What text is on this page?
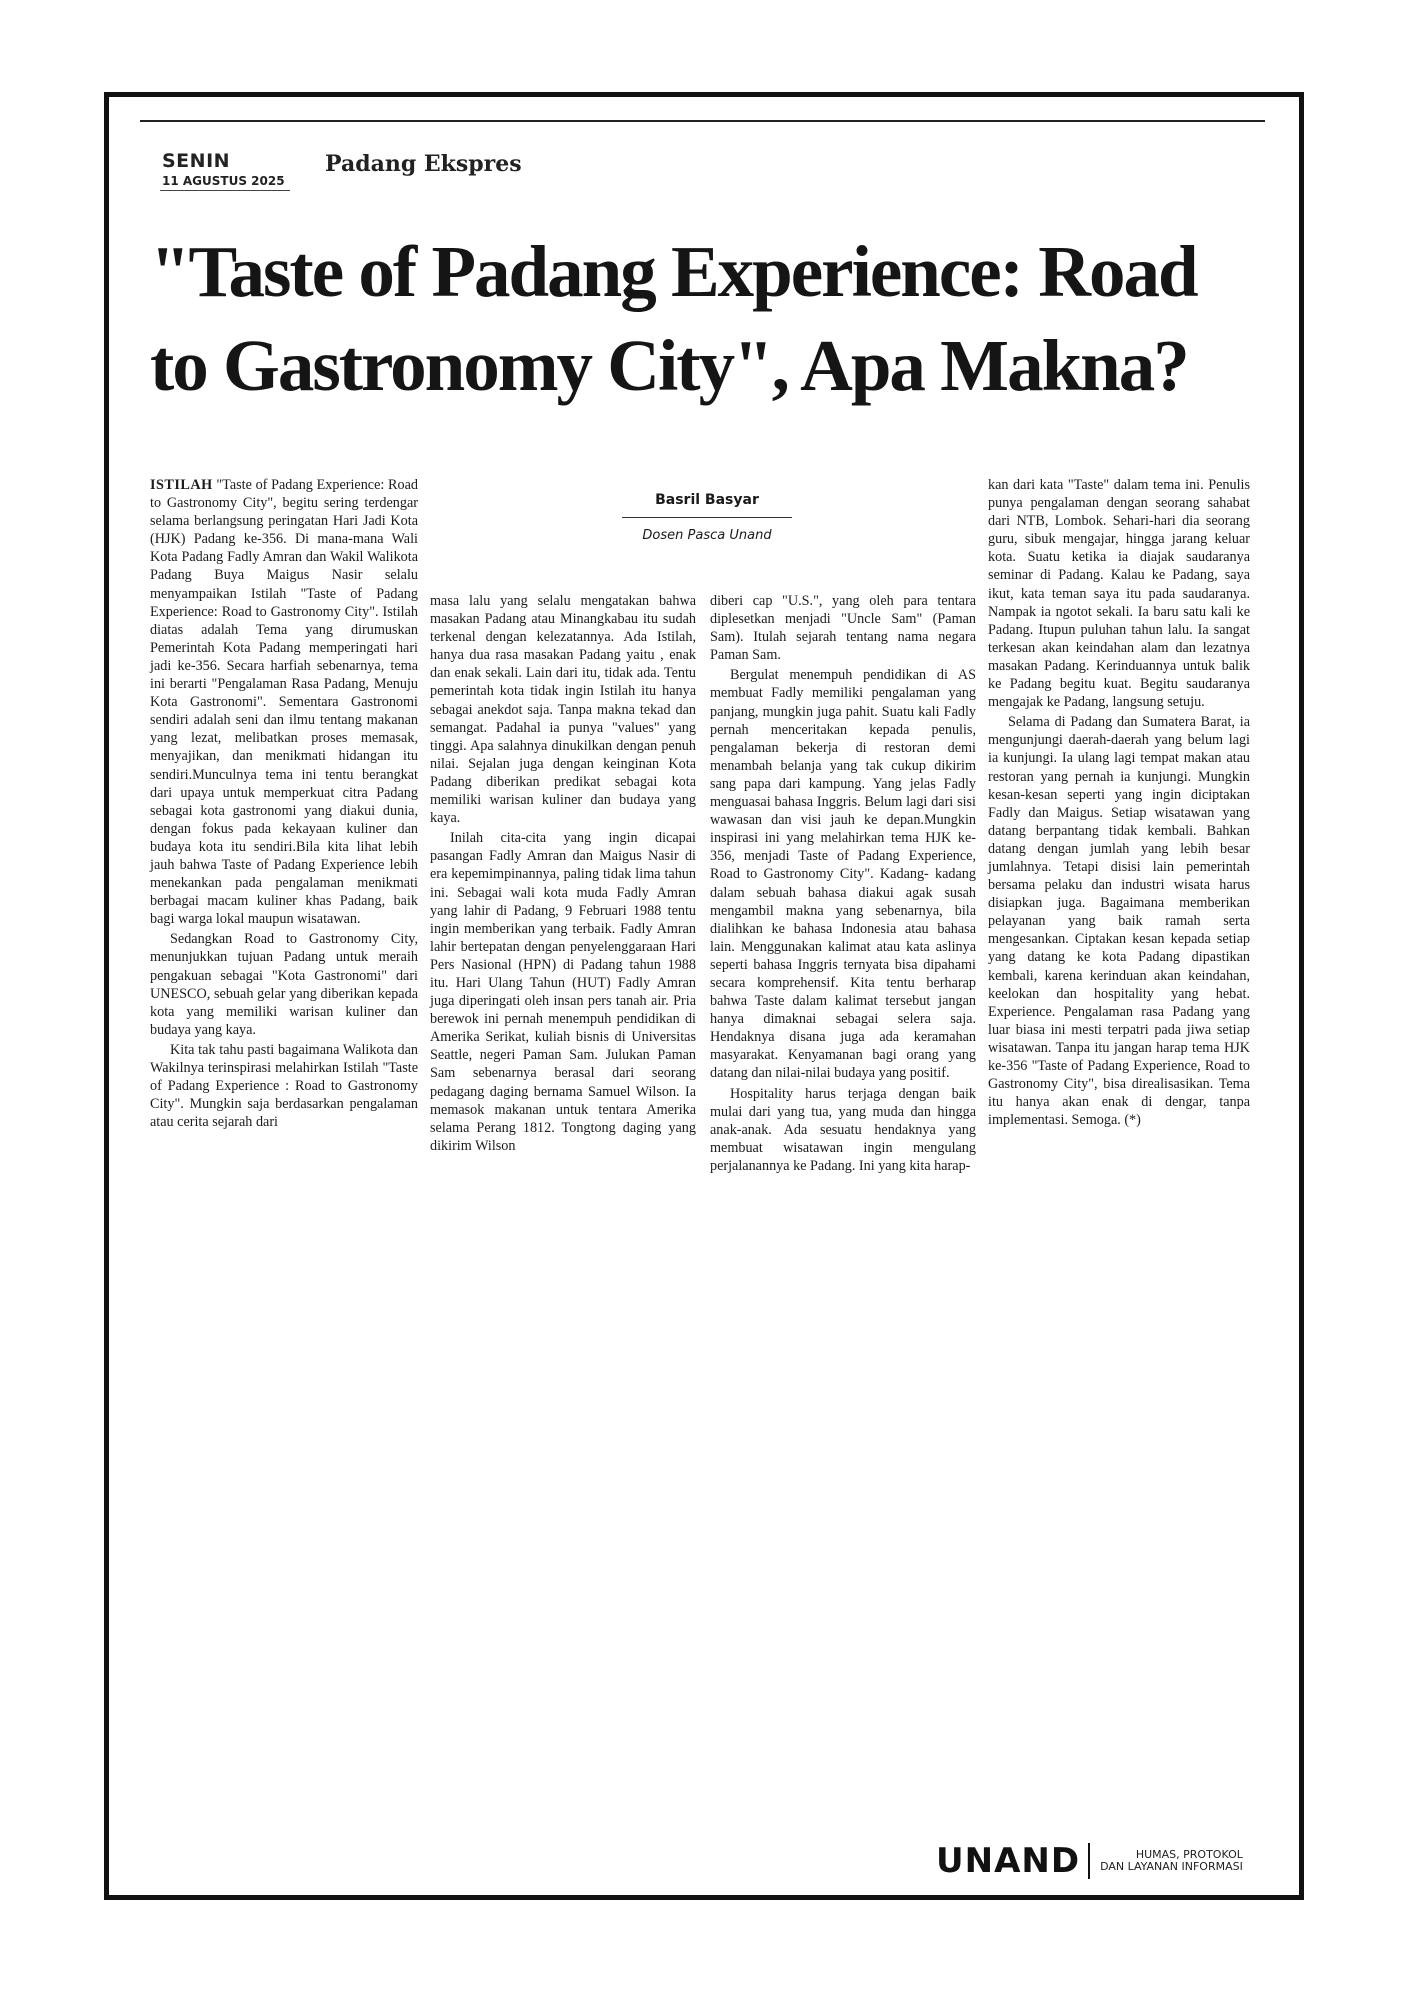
SENIN
11 AGUSTUS 2025
Padang Ekspres
"Taste of Padang Experience: Road
to Gastronomy City", Apa Makna?
Basril Basyar
Dosen Pasca Unand

ISTILAH "Taste of Padang Experience: Road to Gastronomy City", begitu sering terdengar selama berlangsung peringatan Hari Jadi Kota (HJK) Padang ke-356. Di mana-mana Wali Kota Padang Fadly Amran dan Wakil Walikota Padang Buya Maigus Nasir selalu menyampaikan Istilah "Taste of Padang Experience: Road to Gastronomy City". Istilah diatas adalah Tema yang dirumuskan Pemerintah Kota Padang memperingati hari jadi ke-356. Secara harfiah sebenarnya, tema ini berarti "Pengalaman Rasa Padang, Menuju Kota Gastronomi". Sementara Gastronomi sendiri adalah seni dan ilmu tentang makanan yang lezat, melibatkan proses memasak, menyajikan, dan menikmati hidangan itu sendiri.Munculnya tema ini tentu berangkat dari upaya untuk memperkuat citra Padang sebagai kota gastronomi yang diakui dunia, dengan fokus pada kekayaan kuliner dan budaya kota itu sendiri.Bila kita lihat lebih jauh bahwa Taste of Padang Experience lebih menekankan pada pengalaman menikmati berbagai macam kuliner khas Padang, baik bagi warga lokal maupun wisatawan.

Sedangkan Road to Gastronomy City, menunjukkan tujuan Padang untuk meraih pengakuan sebagai "Kota Gastronomi" dari UNESCO, sebuah gelar yang diberikan kepada kota yang memiliki warisan kuliner dan budaya yang kaya.

Kita tak tahu pasti bagaimana Walikota dan Wakilnya terinspirasi melahirkan Istilah "Taste of Padang Experience : Road to Gastronomy City". Mungkin saja berdasarkan pengalaman atau cerita sejarah dari

masa lalu yang selalu mengatakan bahwa masakan Padang atau Minangkabau itu sudah terkenal dengan kelezatannya. Ada Istilah, hanya dua rasa masakan Padang yaitu , enak dan enak sekali. Lain dari itu, tidak ada. Tentu pemerintah kota tidak ingin Istilah itu hanya sebagai anekdot saja. Tanpa makna tekad dan semangat. Padahal ia punya "values" yang tinggi. Apa salahnya dinukilkan dengan penuh nilai. Sejalan juga dengan keinginan Kota Padang diberikan predikat sebagai kota memiliki warisan kuliner dan budaya yang kaya.

Inilah cita-cita yang ingin dicapai pasangan Fadly Amran dan Maigus Nasir di era kepemimpinannya, paling tidak lima tahun ini. Sebagai wali kota muda Fadly Amran yang lahir di Padang, 9 Februari 1988 tentu ingin memberikan yang terbaik. Fadly Amran lahir bertepatan dengan penyelenggaraan Hari Pers Nasional (HPN) di Padang tahun 1988 itu. Hari Ulang Tahun (HUT) Fadly Amran juga diperingati oleh insan pers tanah air. Pria berewok ini pernah menempuh pendidikan di Amerika Serikat, kuliah bisnis di Universitas Seattle, negeri Paman Sam. Julukan Paman Sam sebenarnya berasal dari seorang pedagang daging bernama Samuel Wilson. Ia memasok makanan untuk tentara Amerika selama Perang 1812. Tongtong daging yang dikirim Wilson

diberi cap "U.S.", yang oleh para tentara diplesetkan menjadi "Uncle Sam" (Paman Sam). Itulah sejarah tentang nama negara Paman Sam.

Bergulat menempuh pendidikan di AS membuat Fadly memiliki pengalaman yang panjang, mungkin juga pahit. Suatu kali Fadly pernah menceritakan kepada penulis, pengalaman bekerja di restoran demi menambah belanja yang tak cukup dikirim sang papa dari kampung. Yang jelas Fadly menguasai bahasa Inggris. Belum lagi dari sisi wawasan dan visi jauh ke depan.Mungkin inspirasi ini yang melahirkan tema HJK ke-356, menjadi Taste of Padang Experience, Road to Gastronomy City". Kadang- kadang dalam sebuah bahasa diakui agak susah mengambil makna yang sebenarnya, bila dialihkan ke bahasa Indonesia atau bahasa lain. Menggunakan kalimat atau kata aslinya seperti bahasa Inggris ternyata bisa dipahami secara komprehensif. Kita tentu berharap bahwa Taste dalam kalimat tersebut jangan hanya dimaknai sebagai selera saja. Hendaknya disana juga ada keramahan masyarakat. Kenyamanan bagi orang yang datang dan nilai-nilai budaya yang positif.

Hospitality harus terjaga dengan baik mulai dari yang tua, yang muda dan hingga anak-anak. Ada sesuatu hendaknya yang membuat wisatawan ingin mengulang perjalanannya ke Padang. Ini yang kita harap-

kan dari kata "Taste" dalam tema ini. Penulis punya pengalaman dengan seorang sahabat dari NTB, Lombok. Sehari-hari dia seorang guru, sibuk mengajar, hingga jarang keluar kota. Suatu ketika ia diajak saudaranya seminar di Padang. Kalau ke Padang, saya ikut, kata teman saya itu pada saudaranya. Nampak ia ngotot sekali. Ia baru satu kali ke Padang. Itupun puluhan tahun lalu. Ia sangat terkesan akan keindahan alam dan lezatnya masakan Padang. Kerinduannya untuk balik ke Padang begitu kuat. Begitu saudaranya mengajak ke Padang, langsung setuju.

Selama di Padang dan Sumatera Barat, ia mengunjungi daerah-daerah yang belum lagi ia kunjungi. Ia ulang lagi tempat makan atau restoran yang pernah ia kunjungi. Mungkin kesan-kesan seperti yang ingin diciptakan Fadly dan Maigus. Setiap wisatawan yang datang berpantang tidak kembali. Bahkan datang dengan jumlah yang lebih besar jumlahnya. Tetapi disisi lain pemerintah bersama pelaku dan industri wisata harus disiapkan juga. Bagaimana memberikan pelayanan yang baik ramah serta mengesankan. Ciptakan kesan kepada setiap yang datang ke kota Padang dipastikan kembali, karena kerinduan akan keindahan, keelokan dan hospitality yang hebat. Experience. Pengalaman rasa Padang yang luar biasa ini mesti terpatri pada jiwa setiap wisatawan. Tanpa itu jangan harap tema HJK ke-356 "Taste of Padang Experience, Road to Gastronomy City", bisa direalisasikan. Tema itu hanya akan enak di dengar, tanpa implementasi. Semoga. (*)

UNAND	HUMAS, PROTOKOL
DAN LAYANAN INFORMASI
